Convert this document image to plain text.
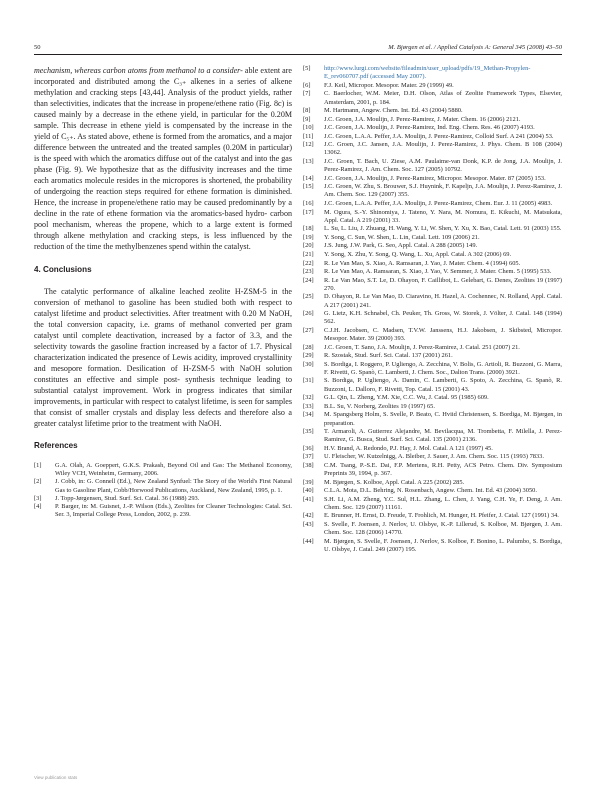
50	M. Bjørgen et al. / Applied Catalysis A: General 345 (2008) 43–50

mechanism, whereas carbon atoms from methanol to a consider- able extent are incorporated and distributed among the C₃₊ alkenes in a series of alkene methylation and cracking steps [43,44]. Analysis of the product yields, rather than selectivities, indicates that the increase in propene/ethene ratio (Fig. 8c) is caused mainly by a decrease in the ethene yield, in particular for the 0.20M sample. This decrease in ethene yield is compensated by the increase in the yield of C₅₊. As stated above, ethene is formed from the aromatics, and a major difference between the untreated and the treated samples (0.20M in particular) is the speed with which the aromatics diffuse out of the catalyst and into the gas phase (Fig. 9). We hypothesize that as the diffusivity increases and the time each aromatics molecule resides in the micropores is shortened, the probability of undergoing the reaction steps required for ethene formation is diminished. Hence, the increase in propene/ethene ratio may be caused predominantly by a decline in the rate of ethene formation via the aromatics-based hydro- carbon pool mechanism, whereas the propene, which to a large extent is formed through alkene methylation and cracking steps, is less influenced by the reduction of the time the methylbenzenes spend within the catalyst.

4. Conclusions

The catalytic performance of alkaline leached zeolite H-ZSM-5 in the conversion of methanol to gasoline has been studied both with respect to catalyst lifetime and product selectivities. After treatment with 0.20 M NaOH, the total conversion capacity, i.e. grams of methanol converted per gram catalyst until complete deactivation, increased by a factor of 3.3, and the selectivity towards the gasoline fraction increased by a factor of 1.7. Physical characterization indicated the presence of Lewis acidity, improved crystallinity and mesopore formation. Desilication of H-ZSM-5 with NaOH solution constitutes an effective and simple post- synthesis technique leading to substantial catalyst improvement. Work in progress indicates that similar improvements, in particular with respect to catalyst lifetime, is seen for samples that consist of smaller crystals and display less defects and therefore also a greater catalyst lifetime prior to the treatment with NaOH.

References
[1]	G.A. Olah, A. Goeppert, G.K.S. Prakash, Beyond Oil and Gas: The Methanol Economy, Wiley VCH, Weinheim, Germany, 2006.
[2]	J. Cobb, in: G. Connell (Ed.), New Zealand Synfuel: The Story of the World's First Natural Gas to Gasoline Plant, Cobb/Horwood Publications, Auckland, New Zealand, 1995, p. 1.
[3]	J. Topp-Jørgensen, Stud. Surf. Sci. Catal. 36 (1988) 293.
[4]	P. Barger, in: M. Guisnet, J.-P. Wilson (Eds.), Zeolites for Cleaner Technologies: Catal. Sci. Ser. 3, Imperial College Press, London, 2002, p. 239.
[5]	http://www.lurgi.com/website/fileadmin/user_upload/pdfs/19_Methan-Propylen-E_rev060707.pdf (accessed May 2007).
[6]	F.J. Keil, Micropor. Mesopor. Mater. 29 (1999) 49.
[7]	C. Baerlocher, W.M. Meier, D.H. Olson, Atlas of Zeolite Framework Types, Elsevier, Amsterdam, 2001, p. 184.
[8]	M. Hartmann, Angew. Chem. Int. Ed. 43 (2004) 5880.
[9]	J.C. Groen, J.A. Moulijn, J. Perez-Ramirez, J. Mater. Chem. 16 (2006) 2121.
[10]	J.C. Groen, J.A. Moulijn, J. Perez-Ramirez, Ind. Eng. Chem. Res. 46 (2007) 4193.
[11]	J.C. Groen, L.A.A. Peffer, J.A. Moulijn, J. Perez-Ramirez, Colloid Surf. A 241 (2004) 53.
[12]	J.C. Groen, J.C. Jansen, J.A. Moulijn, J. Perez-Ramirez, J. Phys. Chem. B 108 (2004) 13062.
[13]	J.C. Groen, T. Bach, U. Ziese, A.M. Paulaime-van Donk, K.P. de Jong, J.A. Moulijn, J. Perez-Ramirez, J. Am. Chem. Soc. 127 (2005) 10792.
[14]	J.C. Groen, J.A. Moulijn, J. Perez-Ramirez, Micropor. Mesopor. Mater. 87 (2005) 153.
[15]	J.C. Groen, W. Zhu, S. Brouwer, S.J. Huynink, F. Kapeljn, J.A. Moulijn, J. Perez-Ramirez, J. Am. Chem. Soc. 129 (2007) 355.
[16]	J.C. Groen, L.A.A. Peffer, J.A. Moulijn, J. Perez-Ramirez, Chem. Eur. J. 11 (2005) 4983.
[17]	M. Ogura, S.-Y. Shinomiya, J. Tateno, Y. Nara, M. Nomura, E. Kikuchi, M. Matsukata, Appl. Catal. A 219 (2001) 33.
[18]	L. Su, L. Liu, J. Zhuang, H. Wang, Y. Li, W. Shen, Y. Xu, X. Bao, Catal. Lett. 91 (2003) 155.
[19]	Y. Song, C. Sun, W. Shen, L. Lin, Catal. Lett. 109 (2006) 21.
[20]	J.S. Jung, J.W. Park, G. Seo, Appl. Catal. A 288 (2005) 149.
[21]	Y. Song, X. Zhu, Y. Song, Q. Wang, L. Xu, Appl. Catal. A 302 (2006) 69.
[22]	R. Le Van Mao, S. Xiao, A. Ramsaran, J. Yao, J. Mater. Chem. 4 (1994) 605.
[23]	R. Le Van Mao, A. Ramsaran, S. Xiao, J. Yao, V. Semmer, J. Mater. Chem. 5 (1995) 533.
[24]	R. Le Van Mao, S.T. Le, D. Ohayon, F. Caillibot, L. Gelebart, G. Denes, Zeolites 19 (1997) 270.
[25]	D. Ohayon, R. Le Van Mao, D. Ciaravino, H. Hazel, A. Cochennec, N. Rolland, Appl. Catal. A 217 (2001) 241.
[26]	G. Lietz, K.H. Schnabel, Ch. Peuker, Th. Gross, W. Storek, J. Völter, J. Catal. 148 (1994) 562.
[27]	C.J.H. Jacobsen, C. Madsen, T.V.W. Janssens, H.J. Jakobsen, J. Skibsted, Micropor. Mesopor. Mater. 39 (2000) 393.
[28]	J.C. Groen, T. Sano, J.A. Moulijn, J. Perez-Ramirez, J. Catal. 251 (2007) 21.
[29]	R. Szostak, Stud. Surf. Sci. Catal. 137 (2001) 261.
[30]	S. Bordiga, I. Roggero, P. Ugliengo, A. Zecchina, V. Bolis, G. Artioli, R. Buzzoni, G. Marra, F. Rivetti, G. Spanò, C. Lamberti, J. Chem. Soc., Dalton Trans. (2000) 3921.
[31]	S. Bordiga, P. Ugliengo, A. Damin, C. Lamberti, G. Spoto, A. Zecchina, G. Spanò, R. Buzzoni, L. Dalloro, F. Rivetti, Top. Catal. 15 (2001) 43.
[32]	G.L. Qin, L. Zheng, Y.M. Xie, C.C. Wu, J. Catal. 95 (1985) 609.
[33]	B.L. Su, V. Norberg, Zeolites 19 (1997) 65.
[34]	M. Spangsberg Holm, S. Svelle, P. Beato, C. Hviid Christensen, S. Bordiga, M. Bjørgen, in preparation.
[35]	T. Armaroli, A. Gutierrez Alejandre, M. Bevilacqua, M. Trombetta, F. Milella, J. Perez-Ramirez, G. Busca, Stud. Surf. Sci. Catal. 135 (2001) 2136.
[36]	H.V. Brand, A. Redondo, P.J. Hay, J. Mol. Catal. A 121 (1997) 45.
[37]	U. Fleischer, W. Kutzelnigg, A. Bleiber, J. Sauer, J. Am. Chem. Soc. 115 (1993) 7833.
[38]	C.M. Tsang, P.-S.E. Dai, F.P. Mertens, R.H. Petty, ACS Petro. Chem. Div. Symposium Preprints 39, 1994, p. 367.
[39]	M. Bjørgen, S. Kolboe, Appl. Catal. A 225 (2002) 285.
[40]	C.L.A. Mota, D.L. Behring, N. Rosenbach, Angew. Chem. Int. Ed. 43 (2004) 3050.
[41]	S.H. Li, A.M. Zheng, Y.C. Sul, H.L. Zhang, L. Chen, J. Yang, C.H. Ye, F. Deng, J. Am. Chem. Soc. 129 (2007) 11161.
[42]	E. Brunner, H. Ernst, D. Freude, T. Frohlich, M. Hunger, H. Pfeifer, J. Catal. 127 (1991) 34.
[43]	S. Svelle, F. Joensen, J. Nerlov, U. Olsbye, K.-P. Lillerud, S. Kolboe, M. Bjørgen, J. Am. Chem. Soc. 128 (2006) 14770.
[44]	M. Bjørgen, S. Svelle, F. Joensen, J. Nerlov, S. Kolboe, F. Bonino, L. Palumbo, S. Bordiga, U. Olsbye, J. Catal. 249 (2007) 195.
View publication stats
